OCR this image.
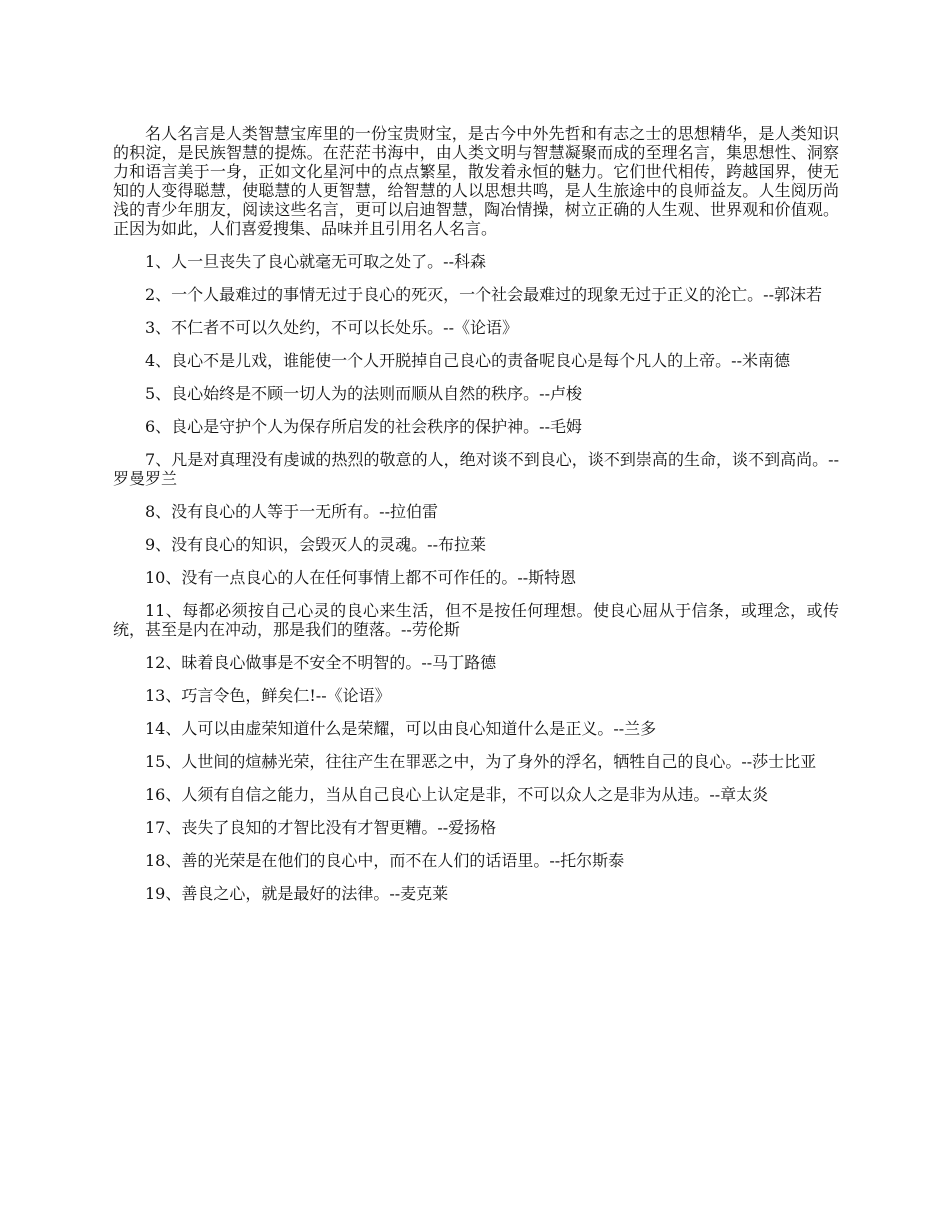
名人名言是人类智慧宝库里的一份宝贵财宝，是古今中外先哲和有志之士的思想精华，是人类知识的积淀，是民族智慧的提炼。在茫茫书海中，由人类文明与智慧凝聚而成的至理名言，集思想性、洞察力和语言美于一身，正如文化星河中的点点繁星，散发着永恒的魅力。它们世代相传，跨越国界，使无知的人变得聪慧，使聪慧的人更智慧，给智慧的人以思想共鸣，是人生旅途中的良师益友。人生阅历尚浅的青少年朋友，阅读这些名言，更可以启迪智慧，陶冶情操，树立正确的人生观、世界观和价值观。正因为如此，人们喜爱搜集、品味并且引用名人名言。

1、人一旦丧失了良心就毫无可取之处了。--科森

2、一个人最难过的事情无过于良心的死灭，一个社会最难过的现象无过于正义的沦亡。--郭沫若

3、不仁者不可以久处约，不可以长处乐。--《论语》

4、良心不是儿戏，谁能使一个人开脱掉自己良心的责备呢良心是每个凡人的上帝。--米南德

5、良心始终是不顾一切人为的法则而顺从自然的秩序。--卢梭

6、良心是守护个人为保存所启发的社会秩序的保护神。--毛姆

7、凡是对真理没有虔诚的热烈的敬意的人，绝对谈不到良心，谈不到崇高的生命，谈不到高尚。--罗曼罗兰

8、没有良心的人等于一无所有。--拉伯雷

9、没有良心的知识，会毁灭人的灵魂。--布拉莱

10、没有一点良心的人在任何事情上都不可作任的。--斯特恩

11、每都必须按自己心灵的良心来生活，但不是按任何理想。使良心屈从于信条，或理念，或传统，甚至是内在冲动，那是我们的堕落。--劳伦斯

12、昧着良心做事是不安全不明智的。--马丁路德

13、巧言令色，鲜矣仁!--《论语》

14、人可以由虚荣知道什么是荣耀，可以由良心知道什么是正义。--兰多

15、人世间的煊赫光荣，往往产生在罪恶之中，为了身外的浮名，牺牲自己的良心。--莎士比亚

16、人须有自信之能力，当从自己良心上认定是非，不可以众人之是非为从违。--章太炎

17、丧失了良知的才智比没有才智更糟。--爱扬格

18、善的光荣是在他们的良心中，而不在人们的话语里。--托尔斯泰

19、善良之心，就是最好的法律。--麦克莱
